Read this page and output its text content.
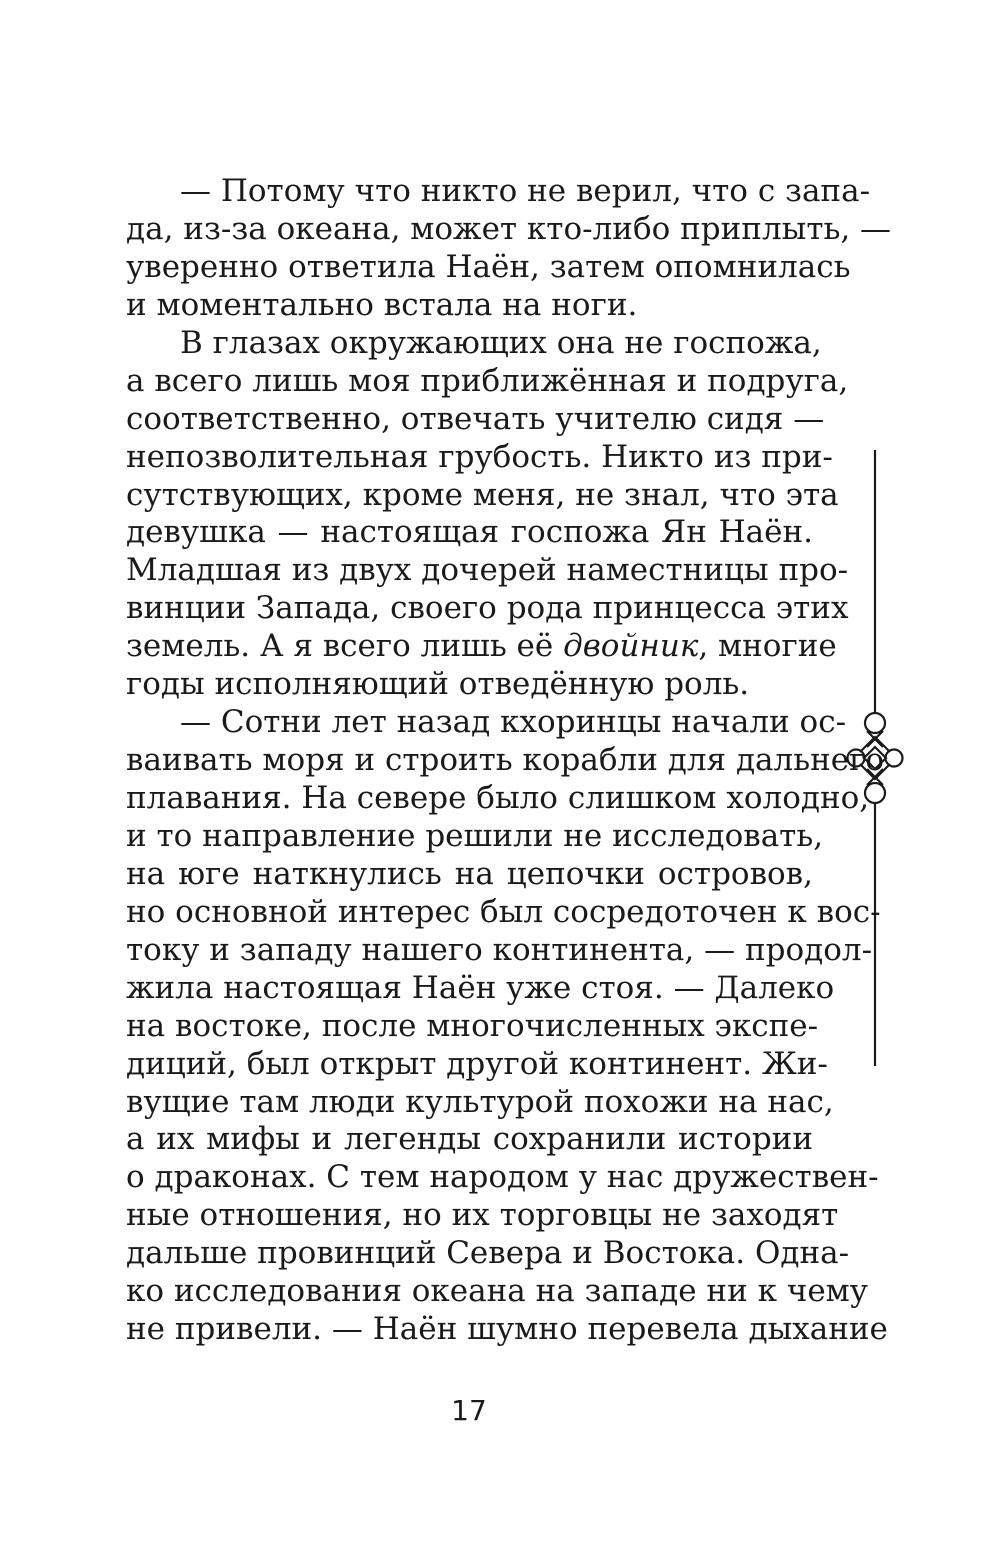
— Потому что никто не верил, что с запа-
да, из-за океана, может кто-либо приплыть, —
уверенно ответила Наён, затем опомнилась
и моментально встала на ноги.
В глазах окружающих она не госпожа,
а всего лишь моя приближённая и подруга,
соответственно, отвечать учителю сидя —
непозволительная грубость. Никто из при-
сутствующих, кроме меня, не знал, что эта
девушка — настоящая госпожа Ян Наён.
Младшая из двух дочерей наместницы про-
винции Запада, своего рода принцесса этих
земель. А я всего лишь её двойник, многие
годы исполняющий отведённую роль.
— Сотни лет назад кхоринцы начали ос-
ваивать моря и строить корабли для дальнего
плавания. На севере было слишком холодно,
и то направление решили не исследовать,
на юге наткнулись на цепочки островов,
но основной интерес был сосредоточен к вос-
току и западу нашего континента, — продол-
жила настоящая Наён уже стоя. — Далеко
на востоке, после многочисленных экспе-
диций, был открыт другой континент. Жи-
вущие там люди культурой похожи на нас,
а их мифы и легенды сохранили истории
о драконах. С тем народом у нас дружествен-
ные отношения, но их торговцы не заходят
дальше провинций Севера и Востока. Одна-
ко исследования океана на западе ни к чему
не привели. — Наён шумно перевела дыхание
17
